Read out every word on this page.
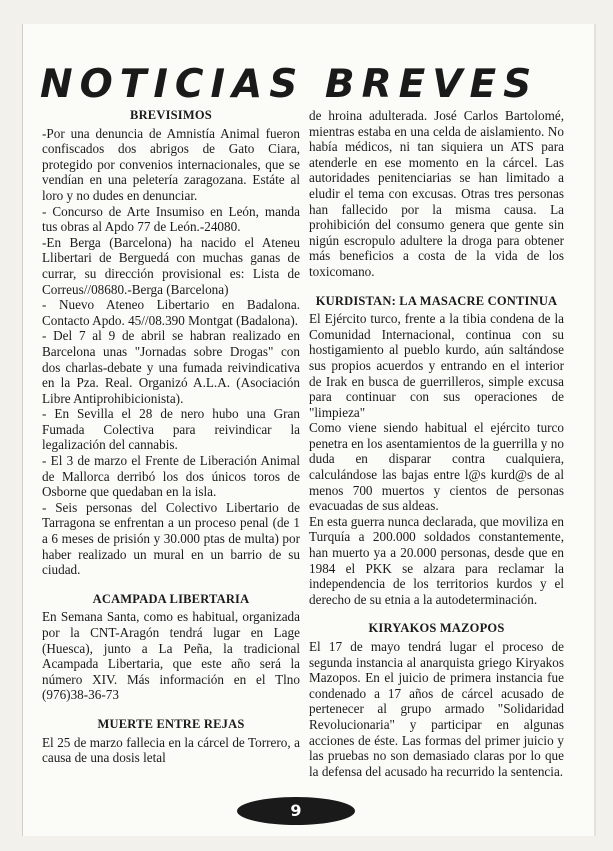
NOTICIAS BREVES

BREVISIMOS

-Por una denuncia de Amnistía Animal fueron confiscados dos abrigos de Gato Ciara, protegido por convenios internacionales, que se vendían en una peletería zaragozana. Estáte al loro y no dudes en denunciar.

- Concurso de Arte Insumiso en León, manda tus obras al Apdo 77 de León.-24080.

-En Berga (Barcelona) ha nacido el Ateneu Llibertari de Berguedá con muchas ganas de currar, su dirección provisional es: Lista de Correus//08680.-Berga (Barcelona)

- Nuevo Ateneo Libertario en Badalona. Contacto Apdo. 45//08.390 Montgat (Badalona).

- Del 7 al 9 de abril se habran realizado en Barcelona unas "Jornadas sobre Drogas" con dos charlas-debate y una fumada reivindicativa en la Pza. Real. Organizó A.L.A. (Asociación Libre Antiprohibicionista).

- En Sevilla el 28 de nero hubo una Gran Fumada Colectiva para reivindicar la legalización del cannabis.

- El 3 de marzo el Frente de Liberación Animal de Mallorca derribó los dos únicos toros de Osborne que quedaban en la isla.

- Seis personas del Colectivo Libertario de Tarragona se enfrentan a un proceso penal (de 1 a 6 meses de prisión y 30.000 ptas de multa) por haber realizado un mural en un barrio de su ciudad.

ACAMPADA LIBERTARIA

En Semana Santa, como es habitual, organizada por la CNT-Aragón tendrá lugar en Lage (Huesca), junto a La Peña, la tradicional Acampada Libertaria, que este año será la número XIV. Más información en el Tlno (976)38-36-73

MUERTE ENTRE REJAS

El 25 de marzo fallecia en la cárcel de Torrero, a causa de una dosis letal

de hroina adulterada. José Carlos Bartolomé, mientras estaba en una celda de aislamiento. No había médicos, ni tan siquiera un ATS para atenderle en ese momento en la cárcel. Las autoridades penitenciarias se han limitado a eludir el tema con excusas. Otras tres personas han fallecido por la misma causa. La prohibición del consumo genera que gente sin nigún escropulo adultere la droga para obtener más beneficios a costa de la vida de los toxicomano.

KURDISTAN: LA MASACRE CONTINUA

El Ejército turco, frente a la tibia condena de la Comunidad Internacional, continua con su hostigamiento al pueblo kurdo, aún saltándose sus propios acuerdos y entrando en el interior de Irak en busca de guerrilleros, simple excusa para continuar con sus operaciones de "limpieza"

Como viene siendo habitual el ejército turco penetra en los asentamientos de la guerrilla y no duda en disparar contra cualquiera, calculándose las bajas entre l@s kurd@s de al menos 700 muertos y cientos de personas evacuadas de sus aldeas.

En esta guerra nunca declarada, que moviliza en Turquía a 200.000 soldados constantemente, han muerto ya a 20.000 personas, desde que en 1984 el PKK se alzara para reclamar la independencia de los territorios kurdos y el derecho de su etnia a la autodeterminación.

KIRYAKOS MAZOPOS

El 17 de mayo tendrá lugar el proceso de segunda instancia al anarquista griego Kiryakos Mazopos. En el juicio de primera instancia fue condenado a 17 años de cárcel acusado de pertenecer al grupo armado "Solidaridad Revolucionaria" y participar en algunas acciones de éste. Las formas del primer juicio y las pruebas no son demasiado claras por lo que la defensa del acusado ha recurrido la sentencia.

9
